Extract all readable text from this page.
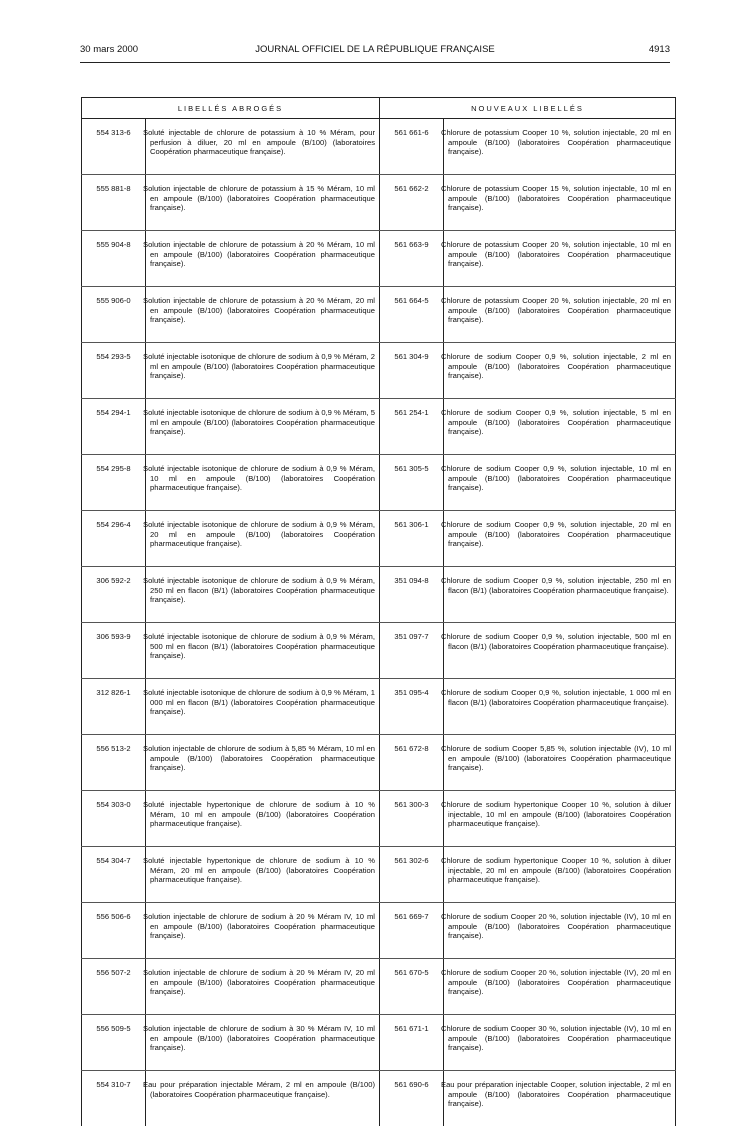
30 mars 2000	JOURNAL OFFICIEL DE LA RÉPUBLIQUE FRANÇAISE	4913
LIBELLÉS ABROGÉS		NOUVEAUX LIBELLÉS	
554 313-6	Soluté injectable de chlorure de potassium à 10 % Méram, pour perfusion à diluer, 20 ml en ampoule (B/100) (laboratoires Coopération pharmaceutique française).	561 661-6	Chlorure de potassium Cooper 10 %, solution injectable, 20 ml en ampoule (B/100) (laboratoires Coopération pharmaceutique française).
555 881-8	Solution injectable de chlorure de potassium à 15 % Méram, 10 ml en ampoule (B/100) (laboratoires Coopération pharmaceutique française).	561 662-2	Chlorure de potassium Cooper 15 %, solution injectable, 10 ml en ampoule (B/100) (laboratoires Coopération pharmaceutique française).
555 904-8	Solution injectable de chlorure de potassium à 20 % Méram, 10 ml en ampoule (B/100) (laboratoires Coopération pharmaceutique française).	561 663-9	Chlorure de potassium Cooper 20 %, solution injectable, 10 ml en ampoule (B/100) (laboratoires Coopération pharmaceutique française).
555 906-0	Solution injectable de chlorure de potassium à 20 % Méram, 20 ml en ampoule (B/100) (laboratoires Coopération pharmaceutique française).	561 664-5	Chlorure de potassium Cooper 20 %, solution injectable, 20 ml en ampoule (B/100) (laboratoires Coopération pharmaceutique française).
554 293-5	Soluté injectable isotonique de chlorure de sodium à 0,9 % Méram, 2 ml en ampoule (B/100) (laboratoires Coopération pharmaceutique française).	561 304-9	Chlorure de sodium Cooper 0,9 %, solution injectable, 2 ml en ampoule (B/100) (laboratoires Coopération pharmaceutique française).
554 294-1	Soluté injectable isotonique de chlorure de sodium à 0,9 % Méram, 5 ml en ampoule (B/100) (laboratoires Coopération pharmaceutique française).	561 254-1	Chlorure de sodium Cooper 0,9 %, solution injectable, 5 ml en ampoule (B/100) (laboratoires Coopération pharmaceutique française).
554 295-8	Soluté injectable isotonique de chlorure de sodium à 0,9 % Méram, 10 ml en ampoule (B/100) (laboratoires Coopération pharmaceutique française).	561 305-5	Chlorure de sodium Cooper 0,9 %, solution injectable, 10 ml en ampoule (B/100) (laboratoires Coopération pharmaceutique française).
554 296-4	Soluté injectable isotonique de chlorure de sodium à 0,9 % Méram, 20 ml en ampoule (B/100) (laboratoires Coopération pharmaceutique française).	561 306-1	Chlorure de sodium Cooper 0,9 %, solution injectable, 20 ml en ampoule (B/100) (laboratoires Coopération pharmaceutique française).
306 592-2	Soluté injectable isotonique de chlorure de sodium à 0,9 % Méram, 250 ml en flacon (B/1) (laboratoires Coopération pharmaceutique française).	351 094-8	Chlorure de sodium Cooper 0,9 %, solution injectable, 250 ml en flacon (B/1) (laboratoires Coopération pharmaceutique française).
306 593-9	Soluté injectable isotonique de chlorure de sodium à 0,9 % Méram, 500 ml en flacon (B/1) (laboratoires Coopération pharmaceutique française).	351 097-7	Chlorure de sodium Cooper 0,9 %, solution injectable, 500 ml en flacon (B/1) (laboratoires Coopération pharmaceutique française).
312 826-1	Soluté injectable isotonique de chlorure de sodium à 0,9 % Méram, 1 000 ml en flacon (B/1) (laboratoires Coopération pharmaceutique française).	351 095-4	Chlorure de sodium Cooper 0,9 %, solution injectable, 1 000 ml en flacon (B/1) (laboratoires Coopération pharmaceutique française).
556 513-2	Solution injectable de chlorure de sodium à 5,85 % Méram, 10 ml en ampoule (B/100) (laboratoires Coopération pharmaceutique française).	561 672-8	Chlorure de sodium Cooper 5,85 %, solution injectable (IV), 10 ml en ampoule (B/100) (laboratoires Coopération pharmaceutique française).
554 303-0	Soluté injectable hypertonique de chlorure de sodium à 10 % Méram, 10 ml en ampoule (B/100) (laboratoires Coopération pharmaceutique française).	561 300-3	Chlorure de sodium hypertonique Cooper 10 %, solution à diluer injectable, 10 ml en ampoule (B/100) (laboratoires Coopération pharmaceutique française).
554 304-7	Soluté injectable hypertonique de chlorure de sodium à 10 % Méram, 20 ml en ampoule (B/100) (laboratoires Coopération pharmaceutique française).	561 302-6	Chlorure de sodium hypertonique Cooper 10 %, solution à diluer injectable, 20 ml en ampoule (B/100) (laboratoires Coopération pharmaceutique française).
556 506-6	Solution injectable de chlorure de sodium à 20 % Méram IV, 10 ml en ampoule (B/100) (laboratoires Coopération pharmaceutique française).	561 669-7	Chlorure de sodium Cooper 20 %, solution injectable (IV), 10 ml en ampoule (B/100) (laboratoires Coopération pharmaceutique française).
556 507-2	Solution injectable de chlorure de sodium à 20 % Méram IV, 20 ml en ampoule (B/100) (laboratoires Coopération pharmaceutique française).	561 670-5	Chlorure de sodium Cooper 20 %, solution injectable (IV), 20 ml en ampoule (B/100) (laboratoires Coopération pharmaceutique française).
556 509-5	Solution injectable de chlorure de sodium à 30 % Méram IV, 10 ml en ampoule (B/100) (laboratoires Coopération pharmaceutique française).	561 671-1	Chlorure de sodium Cooper 30 %, solution injectable (IV), 10 ml en ampoule (B/100) (laboratoires Coopération pharmaceutique française).
554 310-7	Eau pour préparation injectable Méram, 2 ml en ampoule (B/100) (laboratoires Coopération pharmaceutique française).	561 690-6	Eau pour préparation injectable Cooper, solution injectable, 2 ml en ampoule (B/100) (laboratoires Coopération pharmaceutique française).
